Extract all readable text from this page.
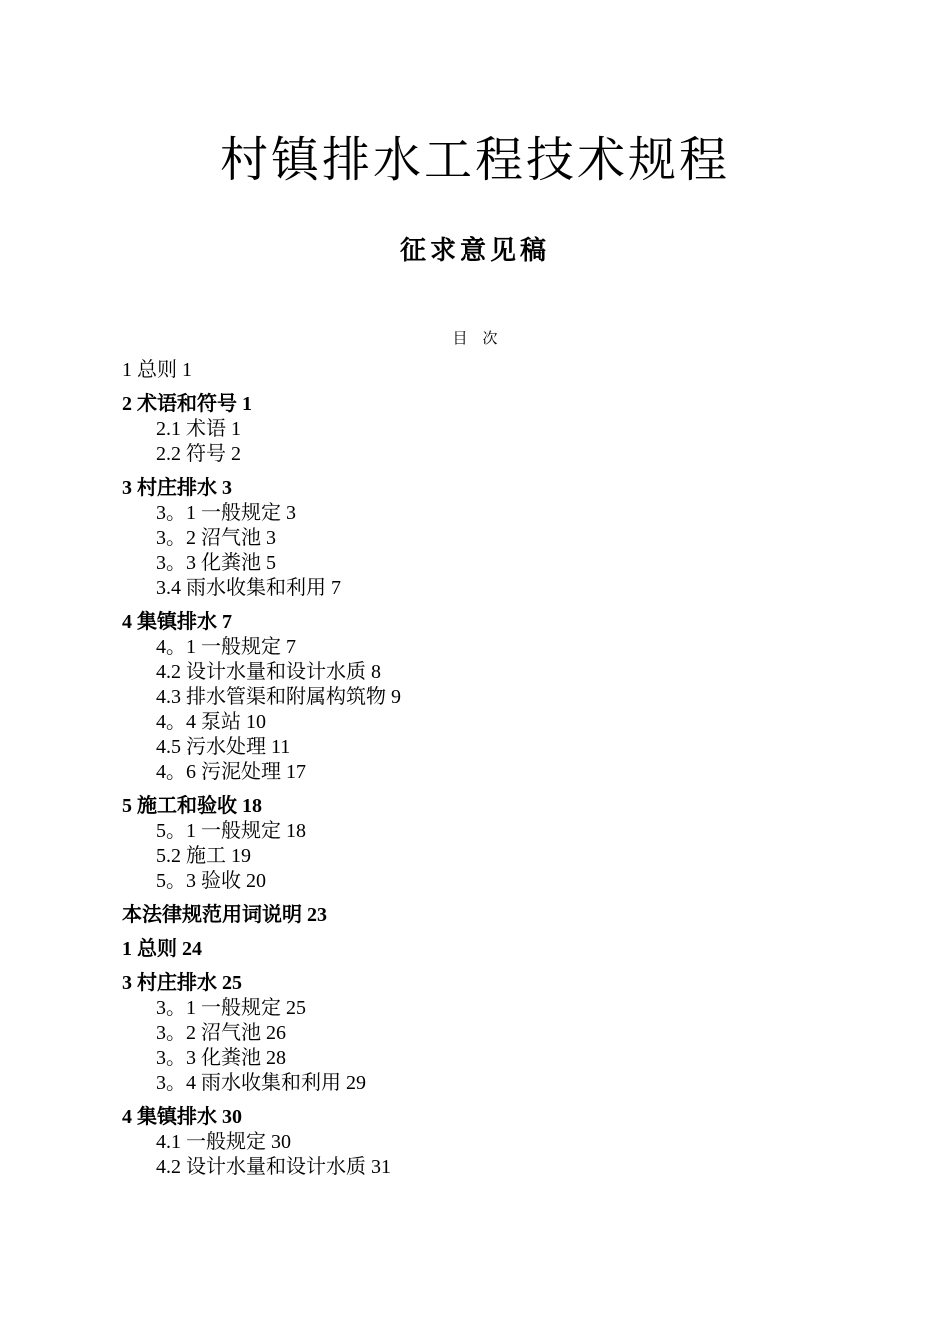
村镇排水工程技术规程
征求意见稿
目　次
1 总则 1
2 术语和符号 1
2.1 术语 1
2.2 符号 2
3 村庄排水 3
3。1 一般规定 3
3。2 沼气池 3
3。3 化粪池 5
3.4 雨水收集和利用 7
4 集镇排水 7
4。1 一般规定 7
4.2 设计水量和设计水质 8
4.3 排水管渠和附属构筑物 9
4。4 泵站 10
4.5 污水处理 11
4。6 污泥处理 17
5 施工和验收 18
5。1 一般规定 18
5.2 施工 19
5。3 验收 20
本法律规范用词说明 23
1 总则 24
3 村庄排水 25
3。1 一般规定 25
3。2 沼气池 26
3。3 化粪池 28
3。4 雨水收集和利用 29
4 集镇排水 30
4.1 一般规定 30
4.2 设计水量和设计水质 31
